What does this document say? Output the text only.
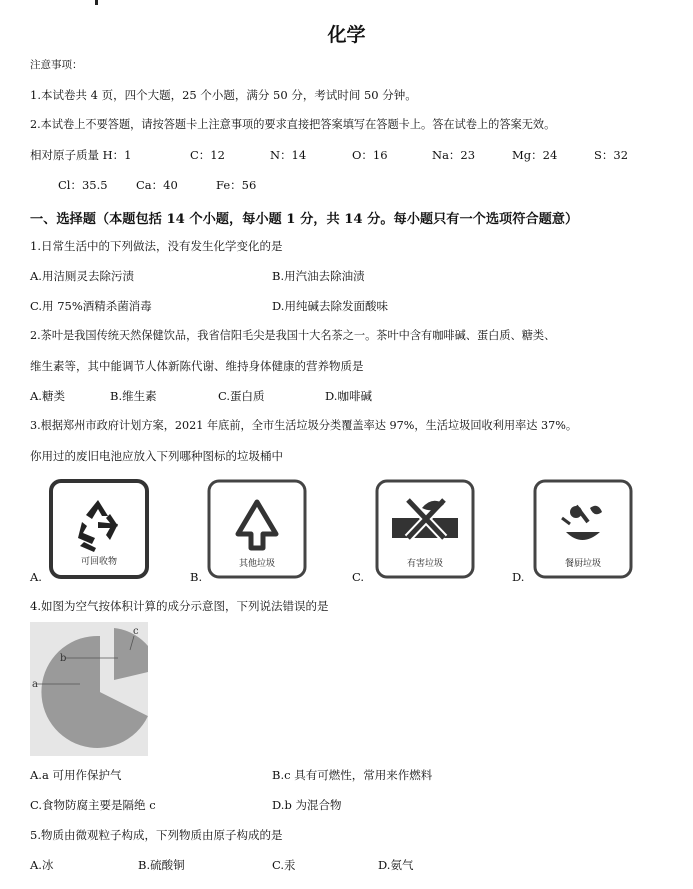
化学
注意事项：
1.本试卷共 4 页，四个大题，25 个小题，满分 50 分，考试时间 50 分钟。
2.本试卷上不要答题，请按答题卡上注意事项的要求直接把答案填写在答题卡上。答在试卷上的答案无效。
相对原子质量 H：1	C：12	N：14	O：16	Na：23	Mg：24	S：32
Cl：35.5 Ca：40	Fe：56
一、选择题（本题包括 14 个小题，每小题 1 分，共 14 分。每小题只有一个选项符合题意）
1.日常生活中的下列做法，没有发生化学变化的是
A.用洁厕灵去除污渍	B.用汽油去除油渍
C.用 75%酒精杀菌消毒	D.用纯碱去除发面酸味
2.茶叶是我国传统天然保健饮品，我省信阳毛尖是我国十大名茶之一。茶叶中含有咖啡碱、蛋白质、糖类、
维生素等，其中能调节人体新陈代谢、维持身体健康的营养物质是
A.糖类	B.维生素	C.蛋白质	D.咖啡碱
3.根据郑州市政府计划方案，2021 年底前，全市生活垃圾分类覆盖率达 97%，生活垃圾回收利用率达 37%。
你用过的废旧电池应放入下列哪种图标的垃圾桶中
可回收物
A.
其他垃圾
B.
有害垃圾
C.
餐厨垃圾
D.
4.如图为空气按体积计算的成分示意图，下列说法错误的是
a
b
c
A.a 可用作保护气	B.c 具有可燃性，常用来作燃料
C.食物防腐主要是隔绝 c	D.b 为混合物
5.物质由微观粒子构成，下列物质由原子构成的是
A.冰	B.硫酸铜	C.汞	D.氨气
